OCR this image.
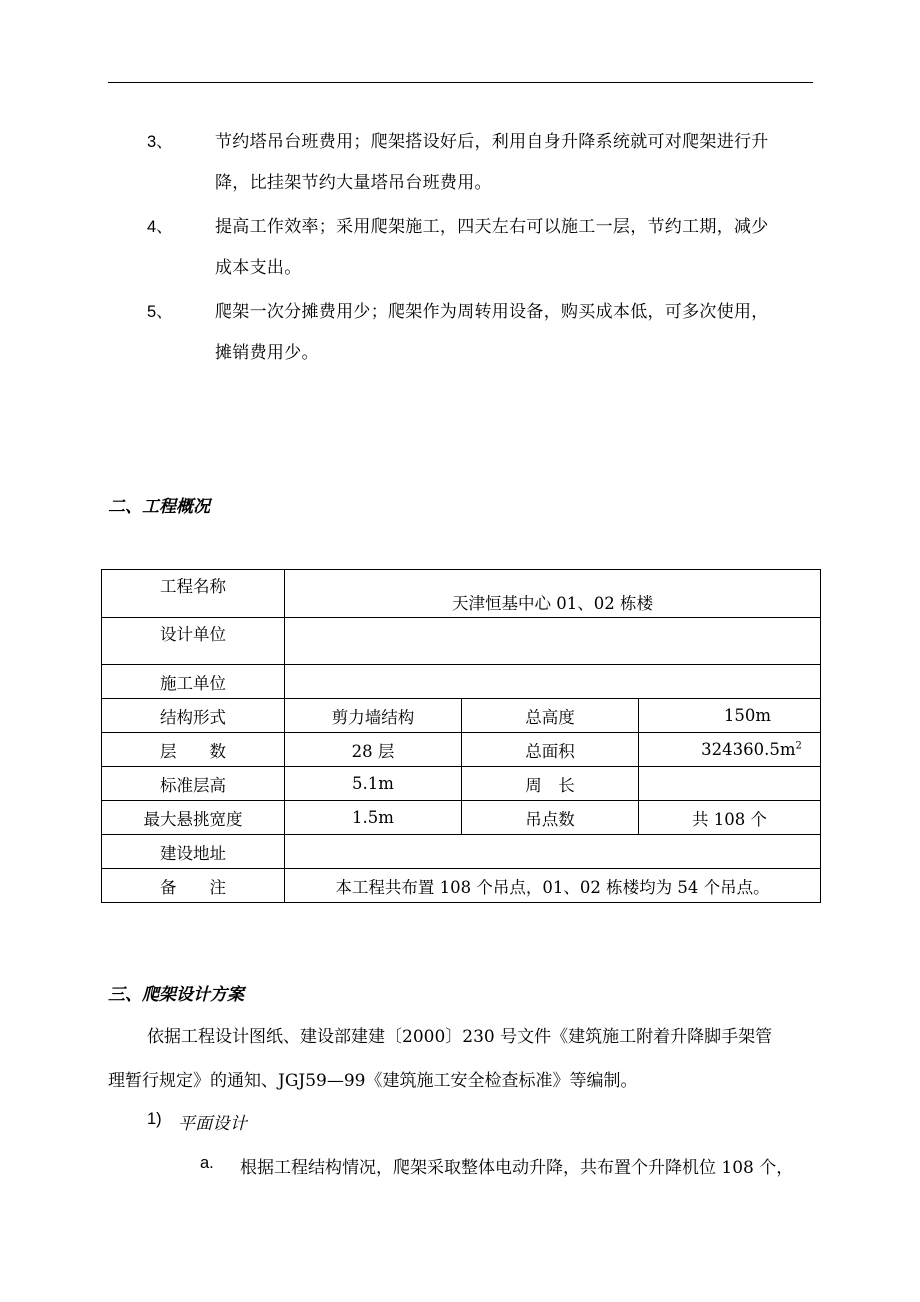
3、 节约塔吊台班费用；爬架搭设好后，利用自身升降系统就可对爬架进行升
降，比挂架节约大量塔吊台班费用。
4、 提高工作效率；采用爬架施工，四天左右可以施工一层，节约工期，减少
成本支出。
5、 爬架一次分摊费用少；爬架作为周转用设备，购买成本低，可多次使用，
摊销费用少。
二、工程概况
工程名称	天津恒基中心 01、02 栋楼		
设计单位			
施工单位			
结构形式	剪力墙结构	总高度	150m
层　　数	28 层	总面积	$324360.5m^2$
标准层高	5.1m	周　长	
最大悬挑宽度	1.5m	吊点数	共 108 个
建设地址			
备　　注	本工程共布置 108 个吊点，01、02 栋楼均为 54 个吊点。		
三、爬架设计方案
依据工程设计图纸、建设部建建〔2000〕230 号文件《建筑施工附着升降脚手架管
理暂行规定》的通知、JGJ59—99《建筑施工安全检查标准》等编制。
1) 平面设计
a. 根据工程结构情况，爬架采取整体电动升降，共布置个升降机位 108 个，
